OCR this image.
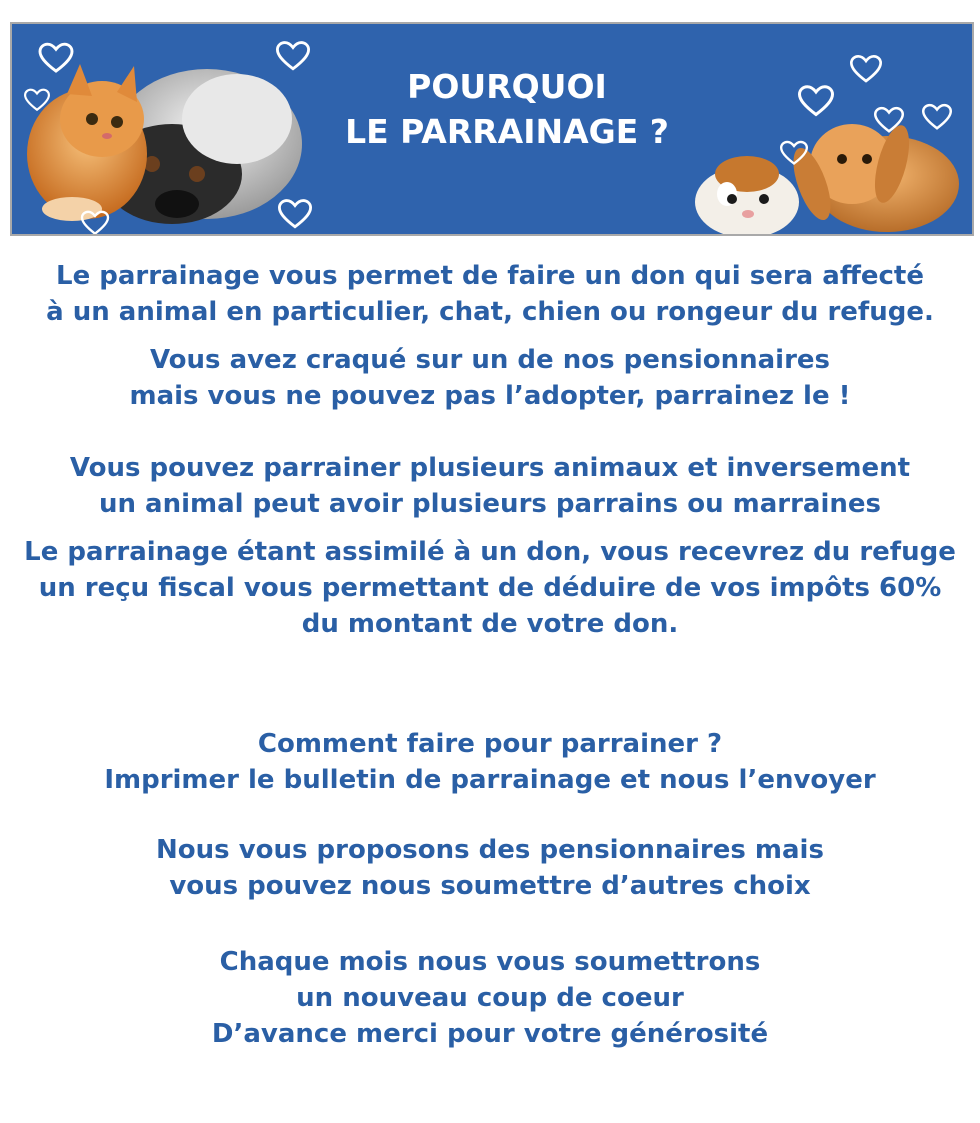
POURQUOI
LE PARRAINAGE ?

Le parrainage vous permet de faire un don qui sera affecté
à un animal en particulier, chat, chien ou rongeur du refuge.

Vous avez craqué sur un de nos pensionnaires
mais vous ne pouvez pas l’adopter, parrainez le !

Vous pouvez parrainer plusieurs animaux et inversement
un animal peut avoir plusieurs parrains ou marraines

Le parrainage étant assimilé à un don, vous recevrez du refuge
un reçu fiscal vous permettant de déduire de vos impôts 60%
du montant de votre don.

Comment faire pour parrainer ?
Imprimer le bulletin de parrainage et nous l’envoyer

Nous vous proposons des pensionnaires mais
vous pouvez nous soumettre d’autres choix

Chaque mois nous vous soumettrons
un nouveau coup de coeur
D’avance merci pour votre générosité
